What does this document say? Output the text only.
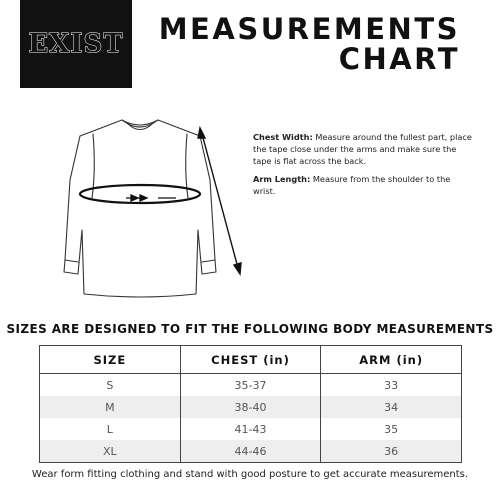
EXIST MEASUREMENTS
CHART

Chest Width: Measure around the fullest part, place the tape close under the arms and make sure the tape is flat across the back.

Arm Length: Measure from the shoulder to the wrist.

SIZES ARE DESIGNED TO FIT THE FOLLOWING BODY MEASUREMENTS
SIZE	CHEST (in)	ARM (in)
S	35-37	33
M	38-40	34
L	41-43	35
XL	44-46	36
Wear form fitting clothing and stand with good posture to get accurate measurements.
